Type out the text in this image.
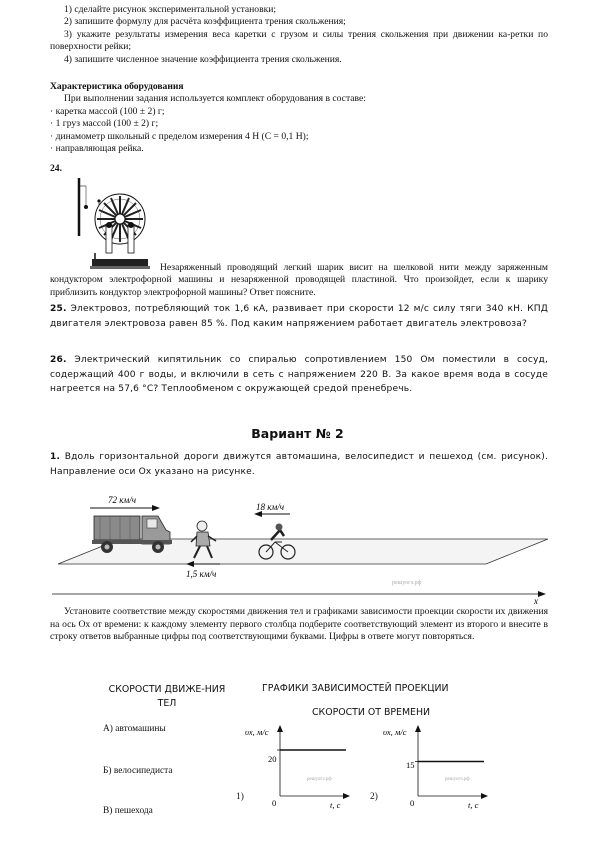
1) сделайте рисунок экспериментальной установки;
2) запишите формулу для расчёта коэффициента трения скольжения;
3) укажите результаты измерения веса каретки с грузом и силы трения скольжения при движении ка-ретки по поверхности рейки;
4) запишите численное значение коэффициента трения скольжения.
Характеристика оборудования
При выполнении задания используется комплект оборудования в составе:
· каретка массой (100 ± 2) г;
· 1 груз массой (100 ± 2) г;
· динамометр школьный с пределом измерения 4 Н (C = 0,1 Н);
· направляющая рейка.
24.
Незаряженный проводящий легкий шарик висит на шелковой нити между заряженным кондуктором электрофорной машины и незаряженной проводящей пластиной. Что произойдет, если к шарику приблизить кондуктор электрофорной машины? Ответ поясните.
25. Электровоз, потребляющий ток 1,6 кА, развивает при скорости 12 м/с силу тяги 340 кН. КПД двигателя электровоза равен 85 %. Под каким напряжением работает двигатель электровоза?
26. Электрический кипятильник со спиралью сопротивлением 150 Ом поместили в сосуд, содержащий 400 г воды, и включили в сеть с напряжением 220 В. За какое время вода в сосуде нагреется на 57,6 °С? Теплообменом с окружающей средой пренебречь.
Вариант № 2
1. Вдоль горизонтальной дороги движутся автомашина, велосипедист и пешеход (см. рисунок). Направление оси Ox указано на рисунке.
72 км/ч
1,5 км/ч
18 км/ч
решуогэ.рф
x
Установите соответствие между скоростями движения тел и графиками зависимости проекции скорости их движения на ось Ox от времени: к каждому элементу первого столбца подберите соответствующий элемент из второго и внесите в строку ответов выбранные цифры под соответствующими буквами. Цифры в ответе могут повторяться.
СКОРОСТИ ДВИЖЕ-НИЯ ТЕЛ
ГРАФИКИ ЗАВИСИМОСТЕЙ ПРОЕКЦИИ
СКОРОСТИ ОТ ВРЕМЕНИ
А) автомашины
Б) велосипедиста
В) пешехода
1)
υx, м/с
t, с
0
20
решуогэ.рф
2)
υx, м/с
t, с
0
15
решуогэ.рф
